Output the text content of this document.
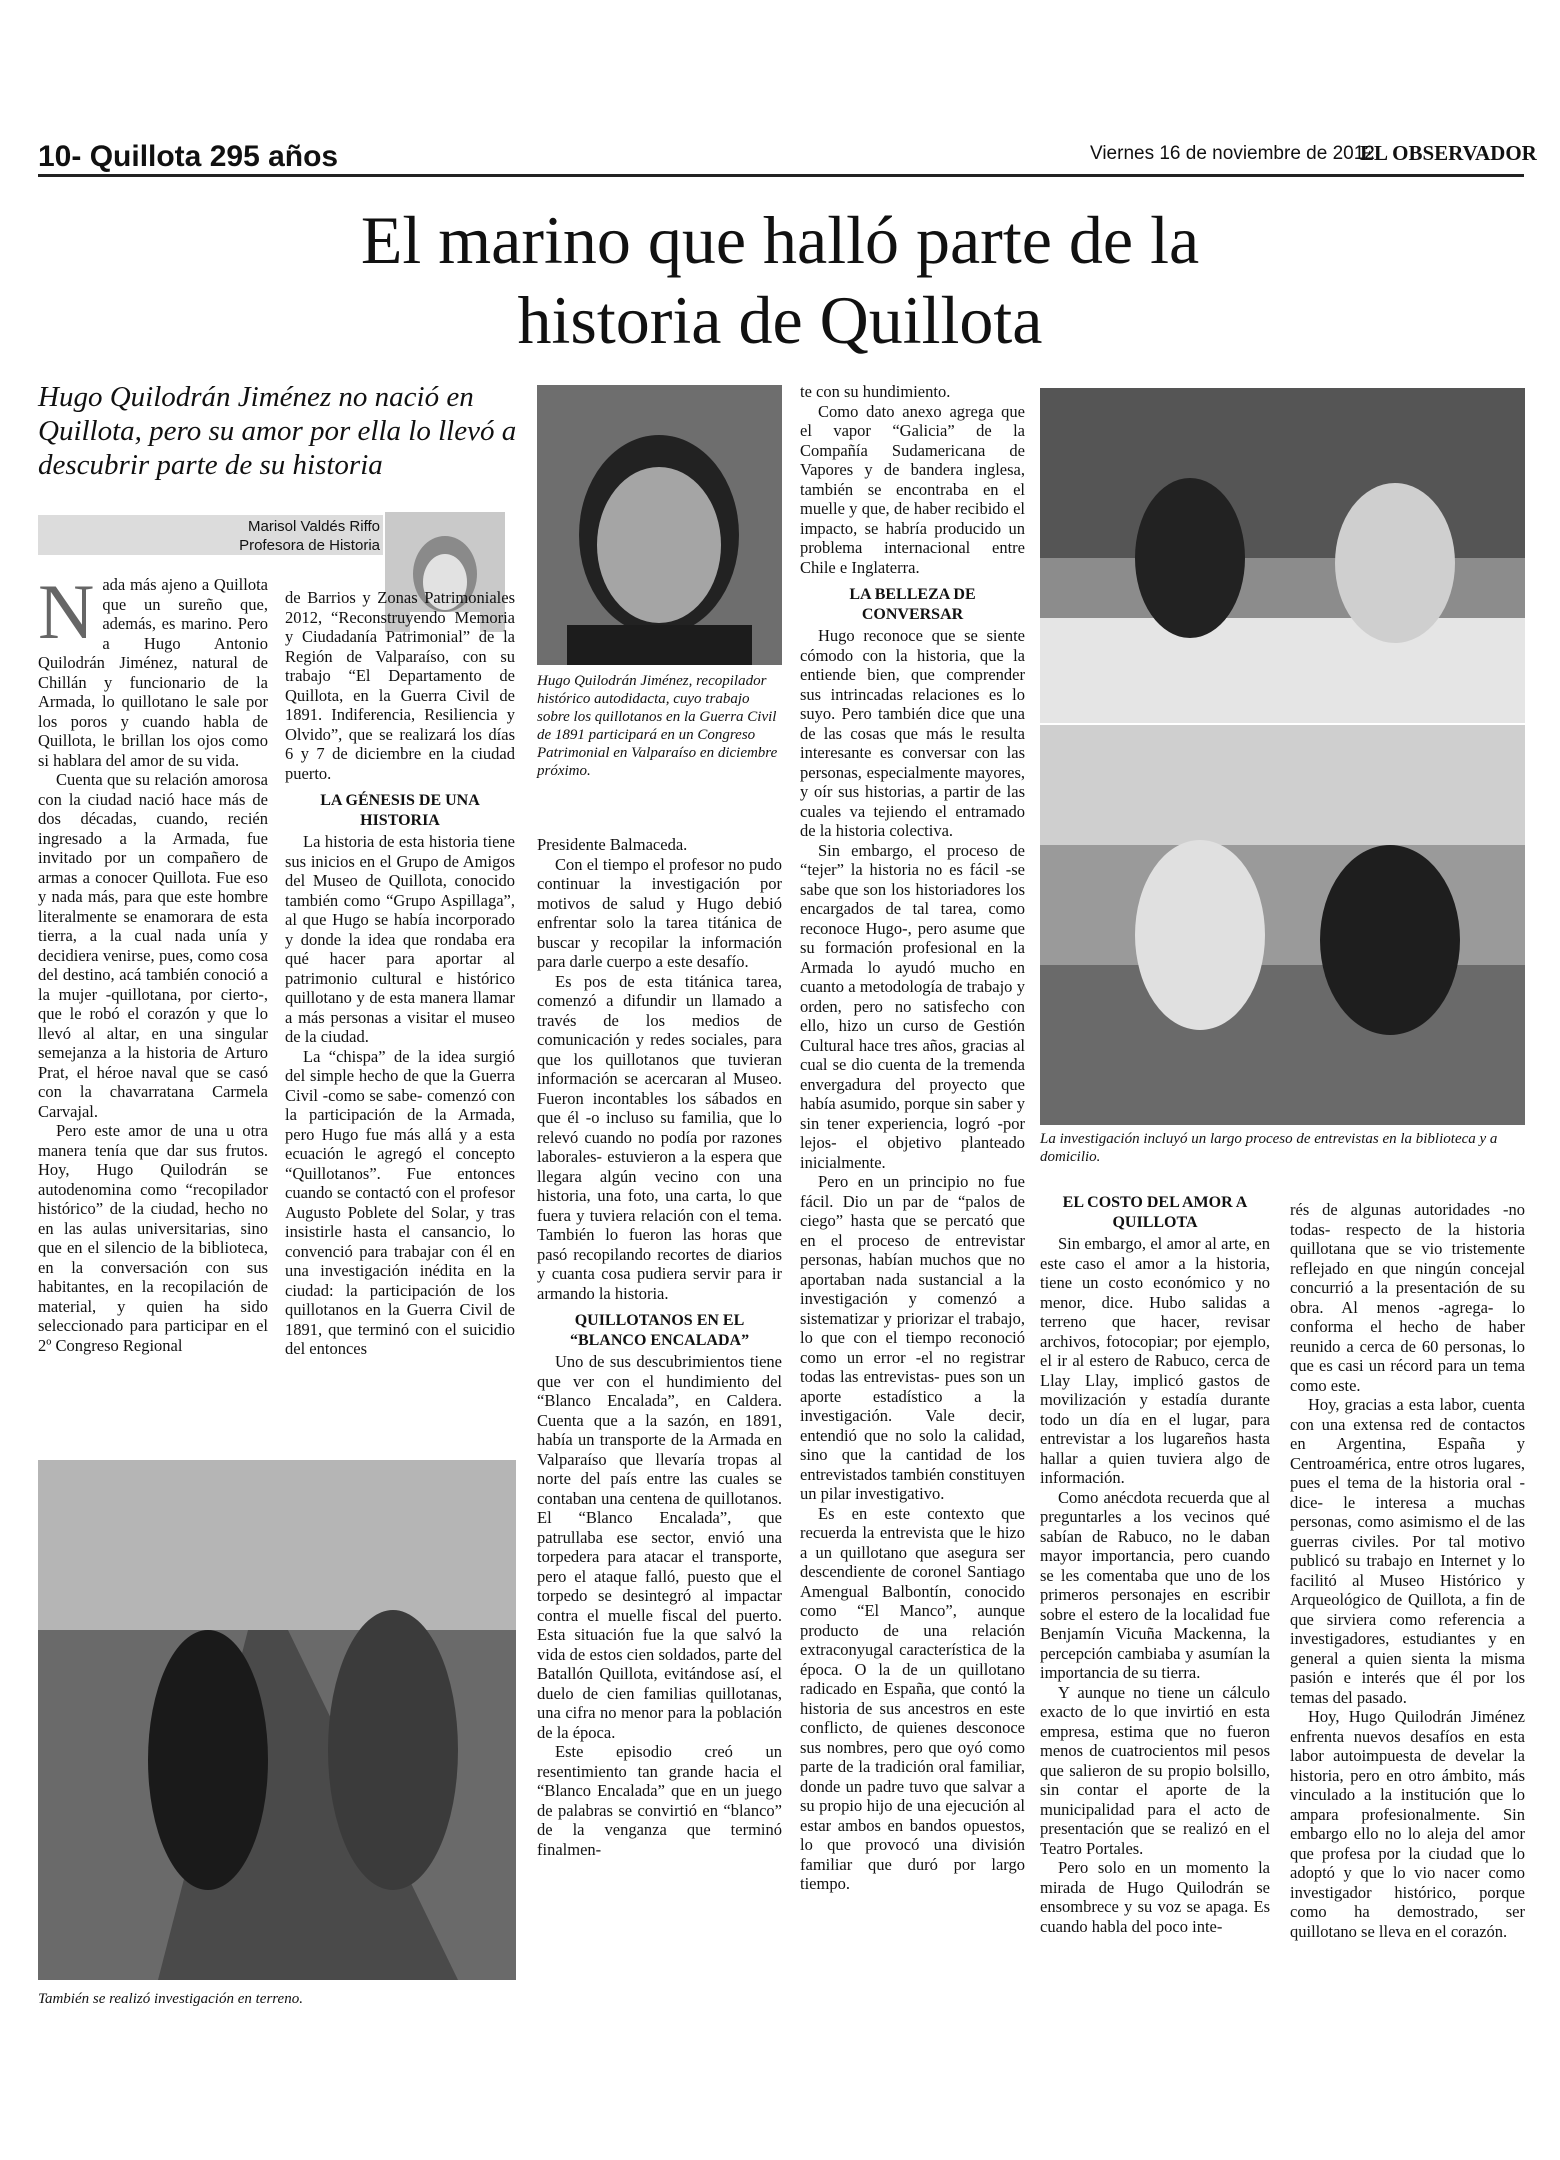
10- Quillota 295 años	Viernes 16 de noviembre de 2012
EL OBSERVADOR
El marino que halló parte de la historia de Quillota
Hugo Quilodrán Jiménez no nació en Quillota, pero su amor por ella lo llevó a descubrir parte de su historia
Marisol Valdés Riffo
Profesora de Historia
Hugo Quilodrán Jiménez, recopilador histórico autodidacta, cuyo trabajo sobre los quillotanos en la Guerra Civil de 1891 participará en un Congreso Patrimonial en Valparaíso en diciembre próximo.
La investigación incluyó un largo proceso de entrevistas en la biblioteca y a domicilio.
También se realizó investigación en terreno.

Nada más ajeno a Quillota que un sureño que, además, es marino. Pero a Hugo Antonio Quilodrán Jiménez, natural de Chillán y funcionario de la Armada, lo quillotano le sale por los poros y cuando habla de Quillota, le brillan los ojos como si hablara del amor de su vida.

Cuenta que su relación amorosa con la ciudad nació hace más de dos décadas, cuando, recién ingresado a la Armada, fue invitado por un compañero de armas a conocer Quillota. Fue eso y nada más, para que este hombre literalmente se enamorara de esta tierra, a la cual nada unía y decidiera venirse, pues, como cosa del destino, acá también conoció a la mujer -quillotana, por cierto-, que le robó el corazón y que lo llevó al altar, en una singular semejanza a la historia de Arturo Prat, el héroe naval que se casó con la chavarratana Carmela Carvajal.

Pero este amor de una u otra manera tenía que dar sus frutos. Hoy, Hugo Quilodrán se autodenomina como “recopilador histórico” de la ciudad, hecho no en las aulas universitarias, sino que en el silencio de la biblioteca, en la conversación con sus habitantes, en la recopilación de material, y quien ha sido seleccionado para participar en el 2º Congreso Regional

de Barrios y Zonas Patrimoniales 2012, “Reconstruyendo Memoria y Ciudadanía Patrimonial” de la Región de Valparaíso, con su trabajo “El Departamento de Quillota, en la Guerra Civil de 1891. Indiferencia, Resiliencia y Olvido”, que se realizará los días 6 y 7 de diciembre en la ciudad puerto.

LA GÉNESIS DE UNA HISTORIA

La historia de esta historia tiene sus inicios en el Grupo de Amigos del Museo de Quillota, conocido también como “Grupo Aspillaga”, al que Hugo se había incorporado y donde la idea que rondaba era qué hacer para aportar al patrimonio cultural e histórico quillotano y de esta manera llamar a más personas a visitar el museo de la ciudad.

La “chispa” de la idea surgió del simple hecho de que la Guerra Civil -como se sabe- comenzó con la participación de la Armada, pero Hugo fue más allá y a esta ecuación le agregó el concepto “Quillotanos”. Fue entonces cuando se contactó con el profesor Augusto Poblete del Solar, y tras insistirle hasta el cansancio, lo convenció para trabajar con él en una investigación inédita en la ciudad: la participación de los quillotanos en la Guerra Civil de 1891, que terminó con el suicidio del entonces

Presidente Balmaceda.

Con el tiempo el profesor no pudo continuar la investigación por motivos de salud y Hugo debió enfrentar solo la tarea titánica de buscar y recopilar la información para darle cuerpo a este desafío.

Es pos de esta titánica tarea, comenzó a difundir un llamado a través de los medios de comunicación y redes sociales, para que los quillotanos que tuvieran información se acercaran al Museo. Fueron incontables los sábados en que él -o incluso su familia, que lo relevó cuando no podía por razones laborales- estuvieron a la espera que llegara algún vecino con una historia, una foto, una carta, lo que fuera y tuviera relación con el tema. También lo fueron las horas que pasó recopilando recortes de diarios y cuanta cosa pudiera servir para ir armando la historia.

QUILLOTANOS EN EL “BLANCO ENCALADA”

Uno de sus descubrimientos tiene que ver con el hundimiento del “Blanco Encalada”, en Caldera. Cuenta que a la sazón, en 1891, había un transporte de la Armada en Valparaíso que llevaría tropas al norte del país entre las cuales se contaban una centena de quillotanos. El “Blanco Encalada”, que patrullaba ese sector, envió una torpedera para atacar el transporte, pero el ataque falló, puesto que el torpedo se desintegró al impactar contra el muelle fiscal del puerto. Esta situación fue la que salvó la vida de estos cien soldados, parte del Batallón Quillota, evitándose así, el duelo de cien familias quillotanas, una cifra no menor para la población de la época.

Este episodio creó un resentimiento tan grande hacia el “Blanco Encalada” que en un juego de palabras se convirtió en “blanco” de la venganza que terminó finalmen-

te con su hundimiento.

Como dato anexo agrega que el vapor “Galicia” de la Compañía Sudamericana de Vapores y de bandera inglesa, también se encontraba en el muelle y que, de haber recibido el impacto, se habría producido un problema internacional entre Chile e Inglaterra.

LA BELLEZA DE CONVERSAR

Hugo reconoce que se siente cómodo con la historia, que la entiende bien, que comprender sus intrincadas relaciones es lo suyo. Pero también dice que una de las cosas que más le resulta interesante es conversar con las personas, especialmente mayores, y oír sus historias, a partir de las cuales va tejiendo el entramado de la historia colectiva.

Sin embargo, el proceso de “tejer” la historia no es fácil -se sabe que son los historiadores los encargados de tal tarea, como reconoce Hugo-, pero asume que su formación profesional en la Armada lo ayudó mucho en cuanto a metodología de trabajo y orden, pero no satisfecho con ello, hizo un curso de Gestión Cultural hace tres años, gracias al cual se dio cuenta de la tremenda envergadura del proyecto que había asumido, porque sin saber y sin tener experiencia, logró -por lejos- el objetivo planteado inicialmente.

Pero en un principio no fue fácil. Dio un par de “palos de ciego” hasta que se percató que en el proceso de entrevistar personas, habían muchos que no aportaban nada sustancial a la investigación y comenzó a sistematizar y priorizar el trabajo, lo que con el tiempo reconoció como un error -el no registrar todas las entrevistas- pues son un aporte estadístico a la investigación. Vale decir, entendió que no solo la calidad, sino que la cantidad de los entrevistados también constituyen un pilar investigativo.

Es en este contexto que recuerda la entrevista que le hizo a un quillotano que asegura ser descendiente de coronel Santiago Amengual Balbontín, conocido como “El Manco”, aunque producto de una relación extraconyugal característica de la época. O la de un quillotano radicado en España, que contó la historia de sus ancestros en este conflicto, de quienes desconoce sus nombres, pero que oyó como parte de la tradición oral familiar, donde un padre tuvo que salvar a su propio hijo de una ejecución al estar ambos en bandos opuestos, lo que provocó una división familiar que duró por largo tiempo.

EL COSTO DEL AMOR A QUILLOTA

Sin embargo, el amor al arte, en este caso el amor a la historia, tiene un costo económico y no menor, dice. Hubo salidas a terreno que hacer, revisar archivos, fotocopiar; por ejemplo, el ir al estero de Rabuco, cerca de Llay Llay, implicó gastos de movilización y estadía durante todo un día en el lugar, para entrevistar a los lugareños hasta hallar a quien tuviera algo de información.

Como anécdota recuerda que al preguntarles a los vecinos qué sabían de Rabuco, no le daban mayor importancia, pero cuando se les comentaba que uno de los primeros personajes en escribir sobre el estero de la localidad fue Benjamín Vicuña Mackenna, la percepción cambiaba y asumían la importancia de su tierra.

Y aunque no tiene un cálculo exacto de lo que invirtió en esta empresa, estima que no fueron menos de cuatrocientos mil pesos que salieron de su propio bolsillo, sin contar el aporte de la municipalidad para el acto de presentación que se realizó en el Teatro Portales.

Pero solo en un momento la mirada de Hugo Quilodrán se ensombrece y su voz se apaga. Es cuando habla del poco inte-

rés de algunas autoridades -no todas- respecto de la historia quillotana que se vio tristemente reflejado en que ningún concejal concurrió a la presentación de su obra. Al menos -agrega- lo conforma el hecho de haber reunido a cerca de 60 personas, lo que es casi un récord para un tema como este.

Hoy, gracias a esta labor, cuenta con una extensa red de contactos en Argentina, España y Centroamérica, entre otros lugares, pues el tema de la historia oral -dice- le interesa a muchas personas, como asimismo el de las guerras civiles. Por tal motivo publicó su trabajo en Internet y lo facilitó al Museo Histórico y Arqueológico de Quillota, a fin de que sirviera como referencia a investigadores, estudiantes y en general a quien sienta la misma pasión e interés que él por los temas del pasado.

Hoy, Hugo Quilodrán Jiménez enfrenta nuevos desafíos en esta labor autoimpuesta de develar la historia, pero en otro ámbito, más vinculado a la institución que lo ampara profesionalmente. Sin embargo ello no lo aleja del amor que profesa por la ciudad que lo adoptó y que lo vio nacer como investigador histórico, porque como ha demostrado, ser quillotano se lleva en el corazón.
